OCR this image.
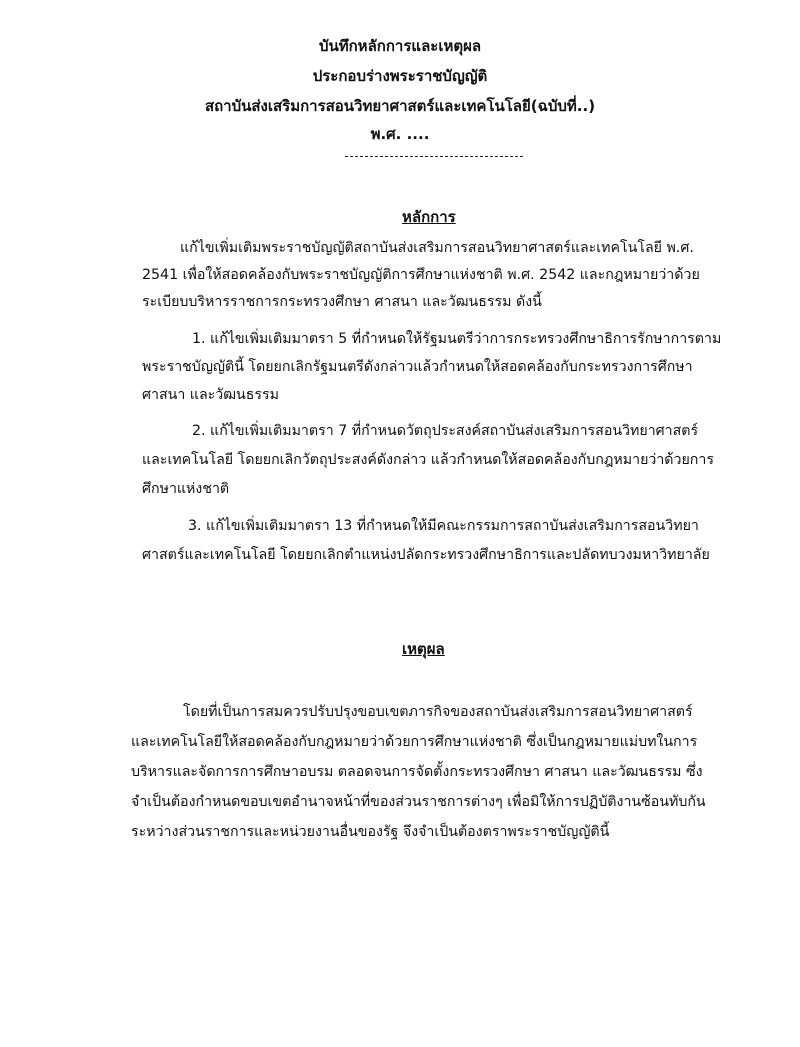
บันทึกหลักการและเหตุผล
ประกอบร่างพระราชบัญญัติ
สถาบันส่งเสริมการสอนวิทยาศาสตร์และเทคโนโลยี(ฉบับที่..)
พ.ศ. ....
หลักการ
แก้ไขเพิ่มเติมพระราชบัญญัติสถาบันส่งเสริมการสอนวิทยาศาสตร์และเทคโนโลยี พ.ศ.
2541 เพื่อให้สอดคล้องกับพระราชบัญญัติการศึกษาแห่งชาติ พ.ศ. 2542 และกฎหมายว่าด้วย
ระเบียบบริหารราชการกระทรวงศึกษา ศาสนา และวัฒนธรรม ดังนี้
1. แก้ไขเพิ่มเติมมาตรา 5 ที่กำหนดให้รัฐมนตรีว่าการกระทรวงศึกษาธิการรักษาการตาม
พระราชบัญญัตินี้ โดยยกเลิกรัฐมนตรีดังกล่าวแล้วกำหนดให้สอดคล้องกับกระทรวงการศึกษา
ศาสนา และวัฒนธรรม
2. แก้ไขเพิ่มเติมมาตรา 7 ที่กำหนดวัตถุประสงค์สถาบันส่งเสริมการสอนวิทยาศาสตร์
และเทคโนโลยี โดยยกเลิกวัตถุประสงค์ดังกล่าว แล้วกำหนดให้สอดคล้องกับกฎหมายว่าด้วยการ
ศึกษาแห่งชาติ
3. แก้ไขเพิ่มเติมมาตรา 13 ที่กำหนดให้มีคณะกรรมการสถาบันส่งเสริมการสอนวิทยา
ศาสตร์และเทคโนโลยี โดยยกเลิกตำแหน่งปลัดกระทรวงศึกษาธิการและปลัดทบวงมหาวิทยาลัย
เหตุผล
โดยที่เป็นการสมควรปรับปรุงขอบเขตภารกิจของสถาบันส่งเสริมการสอนวิทยาศาสตร์
และเทคโนโลยีให้สอดคล้องกับกฎหมายว่าด้วยการศึกษาแห่งชาติ ซึ่งเป็นกฎหมายแม่บทในการ
บริหารและจัดการการศึกษาอบรม ตลอดจนการจัดตั้งกระทรวงศึกษา ศาสนา และวัฒนธรรม ซึ่ง
จำเป็นต้องกำหนดขอบเขตอำนาจหน้าที่ของส่วนราชการต่างๆ เพื่อมิให้การปฏิบัติงานซ้อนทับกัน
ระหว่างส่วนราชการและหน่วยงานอื่นของรัฐ จึงจำเป็นต้องตราพระราชบัญญัตินี้
